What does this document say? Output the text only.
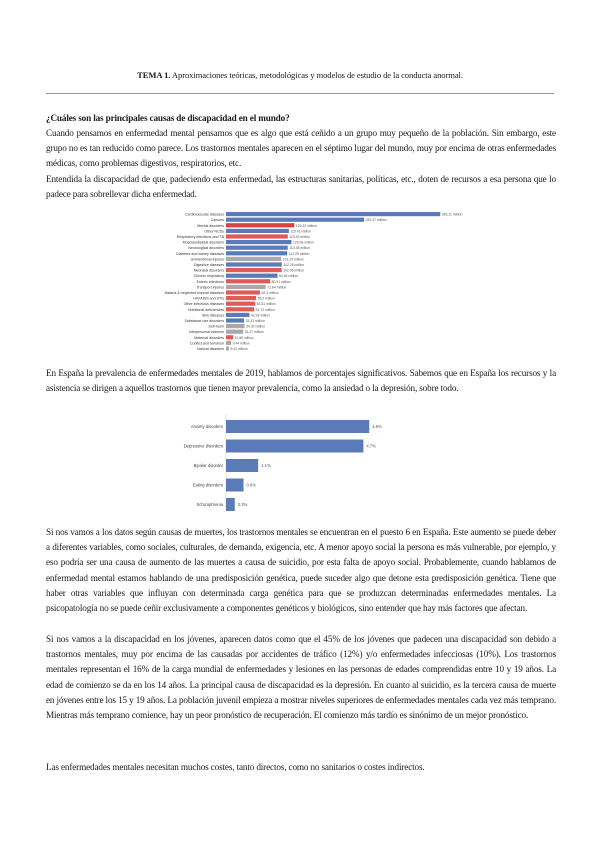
TEMA 1. Aproximaciones teóricas, metodológicas y modelos de estudio de la conducta anormal.

¿Cuáles son las principales causas de discapacidad en el mundo?

Cuando pensamos en enfermedad mental pensamos que es algo que está ceñido a un grupo muy pequeño de la población. Sin embargo, este grupo no es tan reducido como parece. Los trastornos mentales aparecen en el séptimo lugar del mundo, muy por encima de otras enfermedades médicas, como problemas digestivos, respiratorios, etc.

Entendida la discapacidad de que, padeciendo esta enfermedad, las estructuras sanitarias, políticas, etc., doten de recursos a esa persona que lo padece para sobrellevar dicha enfermedad.

Cardiovascular diseases	393.11 million
Cancers	253.37 million
Mental disorders	125.32 million
Other NCDs	115.41 million
Respiratory infections and TB	113.43 million
Musculoskeletal disorders	120.08 million
Neurological disorders	113.35 million
Diabetes and kidney diseases	112.25 million
Unintentional injuries	101.29 million
Digestive diseases	102.25 million
Neonatal disorders	102.06 million
Chronic respiratory	94.54 million
Enteric infections	80.91 million
Transport injuries	72.84 million
Malaria & neglected tropical diseases	62.3 million
HIV/AIDS and STIs	55.2 million
Other infectious diseases	53.51 million
Nutritional deficiencies	51.72 million
Skin diseases	42.93 million
Substance use disorders	33.33 million
Self-harm	34.02 million
Interpersonal violence	31.47 million
Maternal disorders	12.88 million
Conflict and terrorism	9.44 million
Natural disasters 5.41 million

En España la prevalencia de enfermedades mentales de 2019, hablamos de porcentajes significativos. Sabemos que en España los recursos y la asistencia se dirigen a aquellos trastornos que tienen mayor prevalencia, como la ansiedad o la depresión, sobre todo.

Anxiety disorders	4.9%
Depressive disorders	4.7%
Bipolar disorder	1.1%
Eating disorders	0.6%
Schizophrenia	0.3%

Si nos vamos a los datos según causas de muertes, los trastornos mentales se encuentran en el puesto 6 en España. Este aumento se puede deber a diferentes variables, como sociales, culturales, de demanda, exigencia, etc. A menor apoyo social la persona es más vulnerable, por ejemplo, y eso podría ser una causa de aumento de las muertes a causa de suicidio, por esta falta de apoyo social. Probablemente, cuando hablamos de enfermedad mental estamos hablando de una predisposición genética, puede suceder algo que detone esta predisposición genética. Tiene que haber otras variables que influyan con determinada carga genética para que se produzcan determinadas enfermedades mentales. La psicopatología no se puede ceñir exclusivamente a componentes genéticos y biológicos, sino entender que hay más factores que afectan.

Si nos vamos a la discapacidad en los jóvenes, aparecen datos como que el 45% de los jóvenes que padecen una discapacidad son debido a trastornos mentales, muy por encima de las causadas por accidentes de tráfico (12%) y/o enfermedades infecciosas (10%). Los trastornos mentales representan el 16% de la carga mundial de enfermedades y lesiones en las personas de edades comprendidas entre 10 y 19 años. La edad de comienzo se da en los 14 años. La principal causa de discapacidad es la depresión. En cuanto al suicidio, es la tercera causa de muerte en jóvenes entre los 15 y 19 años. La población juvenil empieza a mostrar niveles superiores de enfermedades mentales cada vez más temprano. Mientras más temprano comience, hay un peor pronóstico de recuperación. El comienzo más tardío es sinónimo de un mejor pronóstico.

Las enfermedades mentales necesitan muchos costes, tanto directos, como no sanitarios o costes indirectos.
